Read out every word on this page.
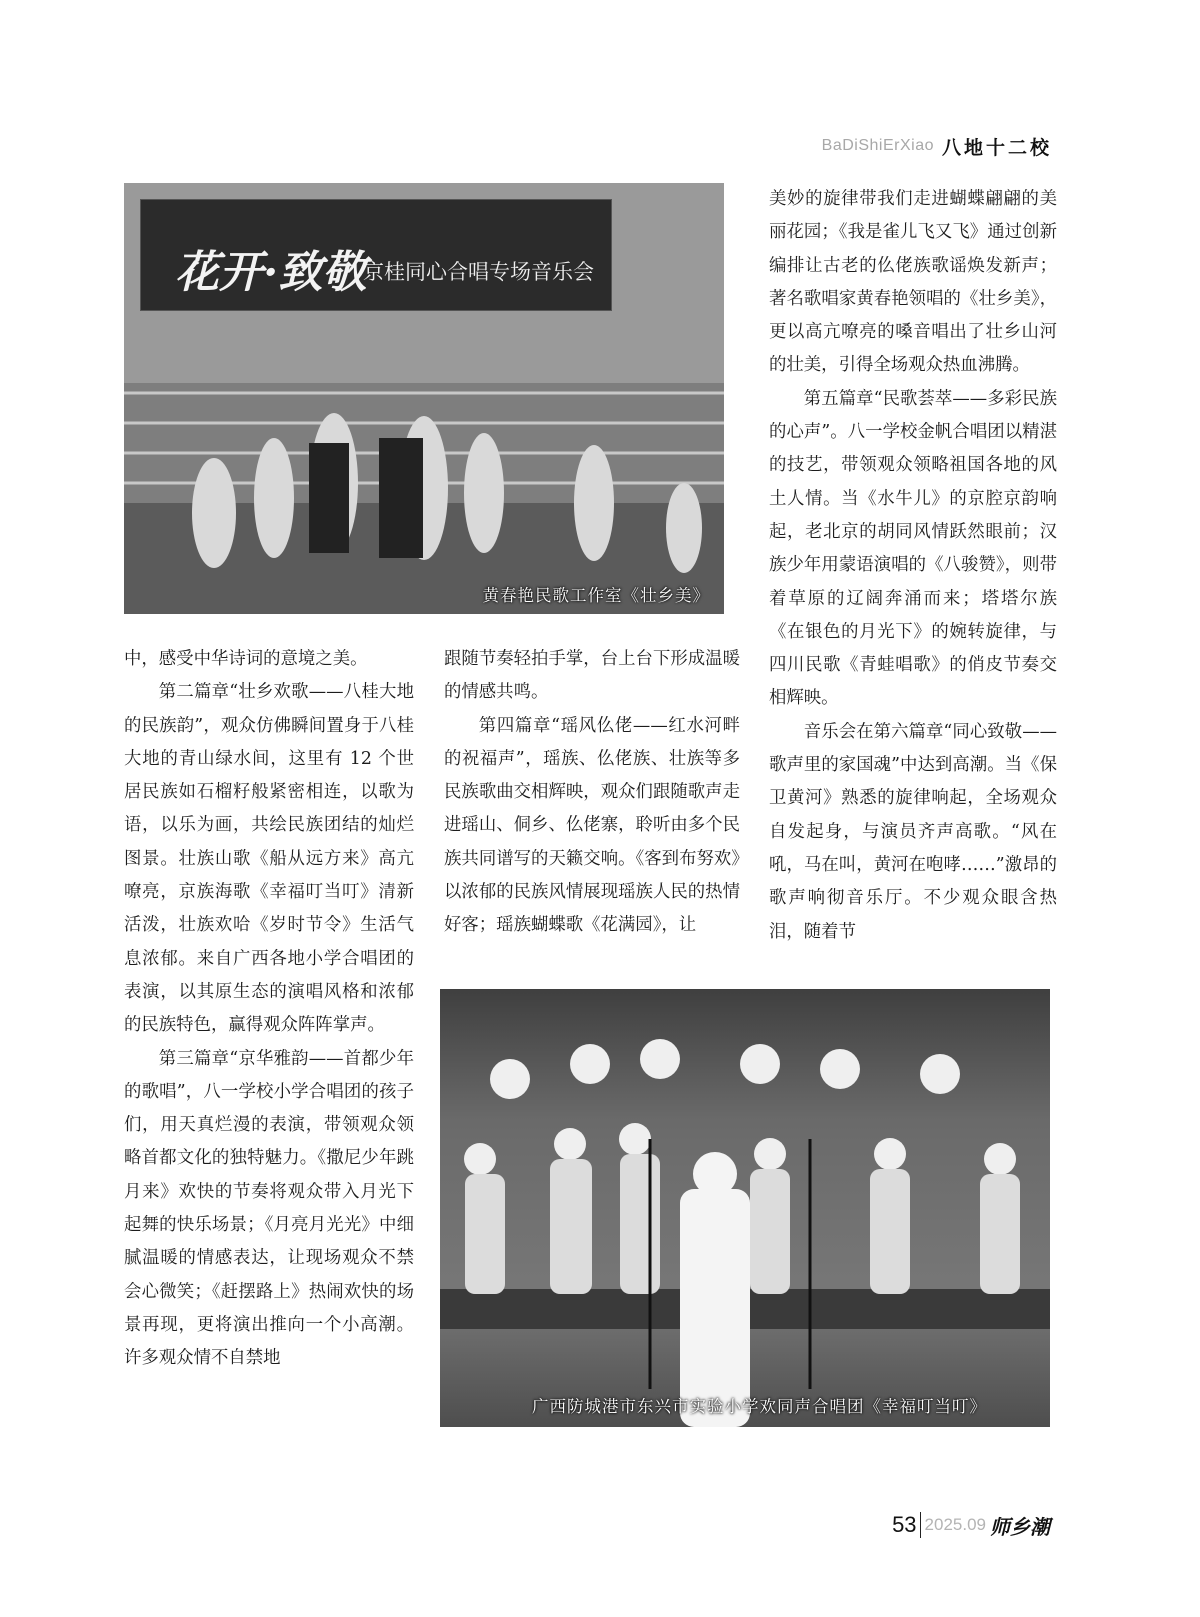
BaDiShiErXiao 八地十二校
花开·致敬
京桂同心合唱专场音乐会
黄春艳民歌工作室《壮乡美》

中，感受中华诗词的意境之美。

第二篇章“壮乡欢歌——八桂大地的民族韵”，观众仿佛瞬间置身于八桂大地的青山绿水间，这里有 12 个世居民族如石榴籽般紧密相连，以歌为语，以乐为画，共绘民族团结的灿烂图景。壮族山歌《船从远方来》高亢嘹亮，京族海歌《幸福叮当叮》清新活泼，壮族欢哈《岁时节令》生活气息浓郁。来自广西各地小学合唱团的表演，以其原生态的演唱风格和浓郁的民族特色，赢得观众阵阵掌声。

第三篇章“京华雅韵——首都少年的歌唱”，八一学校小学合唱团的孩子们，用天真烂漫的表演，带领观众领略首都文化的独特魅力。《撒尼少年跳月来》欢快的节奏将观众带入月光下起舞的快乐场景；《月亮月光光》中细腻温暖的情感表达，让现场观众不禁会心微笑；《赶摆路上》热闹欢快的场景再现，更将演出推向一个小高潮。许多观众情不自禁地

跟随节奏轻拍手掌，台上台下形成温暖的情感共鸣。

第四篇章“瑶风仫佬——红水河畔的祝福声”，瑶族、仫佬族、壮族等多民族歌曲交相辉映，观众们跟随歌声走进瑶山、侗乡、仫佬寨，聆听由多个民族共同谱写的天籁交响。《客到布努欢》以浓郁的民族风情展现瑶族人民的热情好客；瑶族蝴蝶歌《花满园》，让

美妙的旋律带我们走进蝴蝶翩翩的美丽花园；《我是雀儿飞又飞》通过创新编排让古老的仫佬族歌谣焕发新声；著名歌唱家黄春艳领唱的《壮乡美》，更以高亢嘹亮的嗓音唱出了壮乡山河的壮美，引得全场观众热血沸腾。

第五篇章“民歌荟萃——多彩民族的心声”。八一学校金帆合唱团以精湛的技艺，带领观众领略祖国各地的风土人情。当《水牛儿》的京腔京韵响起，老北京的胡同风情跃然眼前；汉族少年用蒙语演唱的《八骏赞》，则带着草原的辽阔奔涌而来；塔塔尔族《在银色的月光下》的婉转旋律，与四川民歌《青蛙唱歌》的俏皮节奏交相辉映。

音乐会在第六篇章“同心致敬——歌声里的家国魂”中达到高潮。当《保卫黄河》熟悉的旋律响起，全场观众自发起身，与演员齐声高歌。“风在吼，马在叫，黄河在咆哮……”激昂的歌声响彻音乐厅。不少观众眼含热泪，随着节

广西防城港市东兴市实验小学欢同声合唱团《幸福叮当叮》
53 2025.09 师乡潮
